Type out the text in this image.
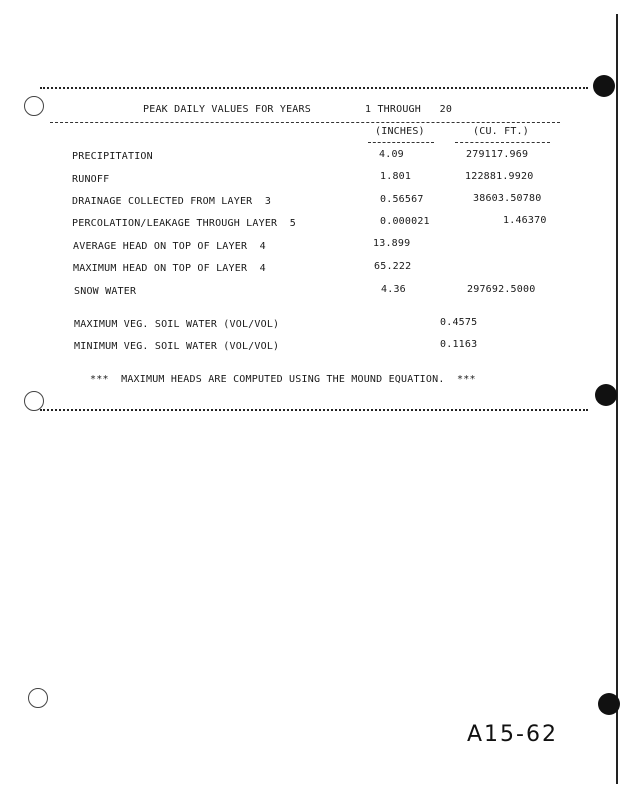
PEAK DAILY VALUES FOR YEARS	1 THROUGH   20
(INCHES)	(CU. FT.)
PRECIPITATION	4.09	279117.969
RUNOFF	1.801	122881.9920
DRAINAGE COLLECTED FROM LAYER  3	0.56567	38603.50780
PERCOLATION/LEAKAGE THROUGH LAYER  5	0.000021	1.46370
AVERAGE HEAD ON TOP OF LAYER  4	13.899
MAXIMUM HEAD ON TOP OF LAYER  4	65.222
SNOW WATER	4.36	297692.5000
MAXIMUM VEG. SOIL WATER (VOL/VOL)	0.4575
MINIMUM VEG. SOIL WATER (VOL/VOL)	0.1163
***  MAXIMUM HEADS ARE COMPUTED USING THE MOUND EQUATION.  ***
A15-62
